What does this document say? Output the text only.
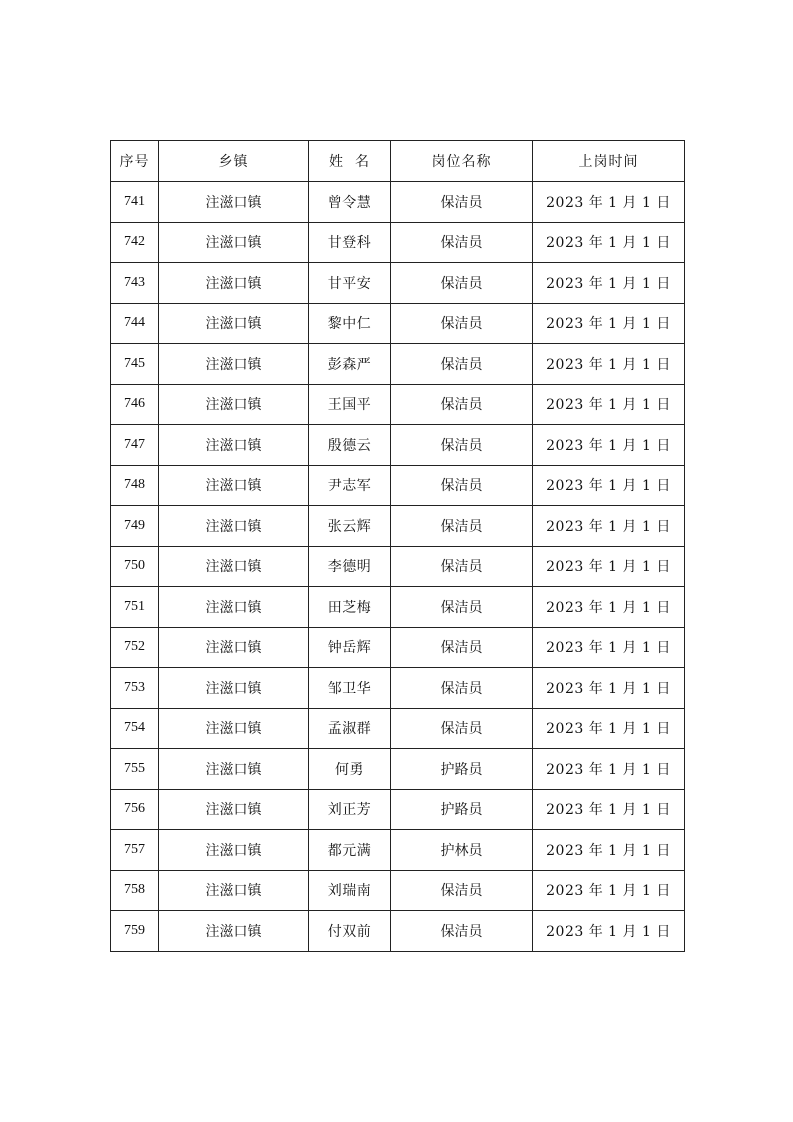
序号	乡镇	姓  名	岗位名称	上岗时间
741	注滋口镇	曾令慧	保洁员	2023 年 1 月 1 日
742	注滋口镇	甘登科	保洁员	2023 年 1 月 1 日
743	注滋口镇	甘平安	保洁员	2023 年 1 月 1 日
744	注滋口镇	黎中仁	保洁员	2023 年 1 月 1 日
745	注滋口镇	彭森严	保洁员	2023 年 1 月 1 日
746	注滋口镇	王国平	保洁员	2023 年 1 月 1 日
747	注滋口镇	殷德云	保洁员	2023 年 1 月 1 日
748	注滋口镇	尹志军	保洁员	2023 年 1 月 1 日
749	注滋口镇	张云辉	保洁员	2023 年 1 月 1 日
750	注滋口镇	李德明	保洁员	2023 年 1 月 1 日
751	注滋口镇	田芝梅	保洁员	2023 年 1 月 1 日
752	注滋口镇	钟岳辉	保洁员	2023 年 1 月 1 日
753	注滋口镇	邹卫华	保洁员	2023 年 1 月 1 日
754	注滋口镇	孟淑群	保洁员	2023 年 1 月 1 日
755	注滋口镇	何勇	护路员	2023 年 1 月 1 日
756	注滋口镇	刘正芳	护路员	2023 年 1 月 1 日
757	注滋口镇	都元满	护林员	2023 年 1 月 1 日
758	注滋口镇	刘瑞南	保洁员	2023 年 1 月 1 日
759	注滋口镇	付双前	保洁员	2023 年 1 月 1 日
